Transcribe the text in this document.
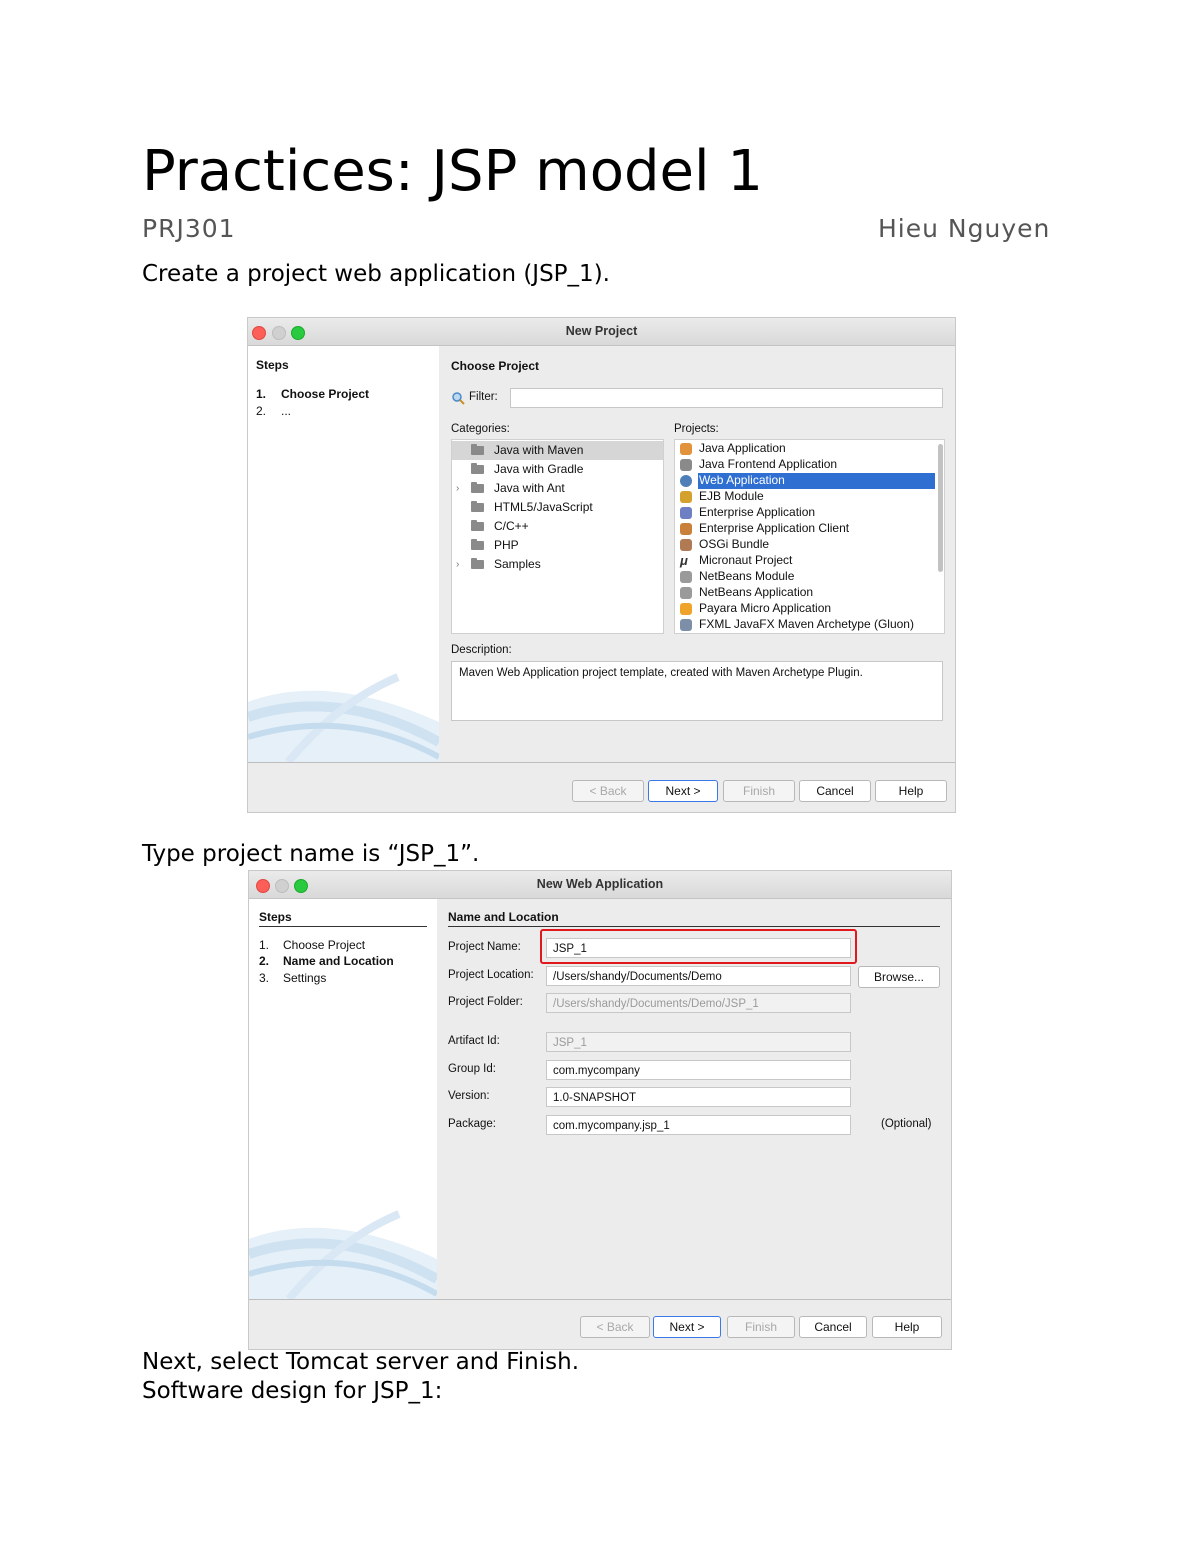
Practices: JSP model 1
PRJ301	Hieu Nguyen
Create a project web application (JSP_1).
New Project
Steps
1. Choose Project
2. ...
Choose Project
Filter:
Categories:	Projects:
Java with Maven
Java with Gradle
›	Java with Ant
HTML5/JavaScript
C/C++
PHP
›	Samples
Java Application
Java Frontend Application
Web Application
EJB Module
Enterprise Application
Enterprise Application Client
OSGi Bundle
μ Micronaut Project
NetBeans Module
NetBeans Application
Payara Micro Application
FXML JavaFX Maven Archetype (Gluon)
Description:
Maven Web Application project template, created with Maven Archetype Plugin.
< Back	Next >	Finish	Cancel	Help
Type project name is “JSP_1”.
New Web Application
Steps
1. Choose Project
2. Name and Location
3. Settings
Name and Location
Project Name:	JSP_1
Project Location:	/Users/shandy/Documents/Demo	Browse...
Project Folder:	/Users/shandy/Documents/Demo/JSP_1
Artifact Id:	JSP_1
Group Id:	com.mycompany
Version:	1.0-SNAPSHOT
Package:	com.mycompany.jsp_1	(Optional)
< Back	Next >	Finish	Cancel	Help
Next, select Tomcat server and Finish.
Software design for JSP_1:
